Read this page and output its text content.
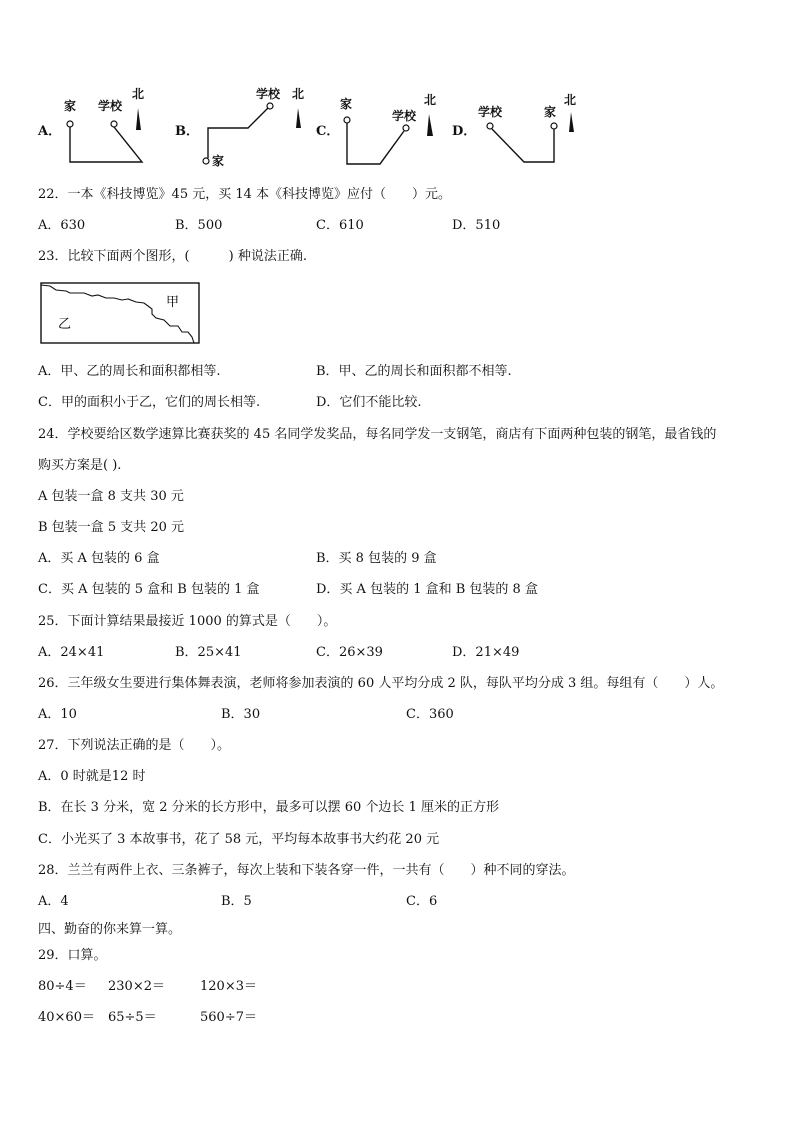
A．
家 学校
北
B．
学校 北
家
C．
家
学校
北
D．
学校	家
北
22．一本《科技博览》45 元，买 14 本《科技博览》应付（　　）元。
A．630	B．500	C．610	D．510
23．比较下面两个图形，(　　　) 种说法正确.
甲
乙
A．甲、乙的周长和面积都相等.	B．甲、乙的周长和面积都不相等.
C．甲的面积小于乙，它们的周长相等.	D．它们不能比较.
24．学校要给区数学速算比赛获奖的 45 名同学发奖品，每名同学发一支钢笔，商店有下面两种包装的钢笔，最省钱的
购买方案是( ).
A 包装一盒 8 支共 30 元
B 包装一盒 5 支共 20 元
A．买 A 包装的 6 盒	B．买 8 包装的 9 盒
C．买 A 包装的 5 盒和 B 包装的 1 盒	D．买 A 包装的 1 盒和 B 包装的 8 盒
25．下面计算结果最接近 1000 的算式是（　　）。
A．24×41	B．25×41	C．26×39	D．21×49
26．三年级女生要进行集体舞表演，老师将参加表演的 60 人平均分成 2 队，每队平均分成 3 组。每组有（　　）人。
A．10	B．30	C．360
27．下列说法正确的是（　　）。
A．0 时就是12 时
B．在长 3 分米，宽 2 分米的长方形中，最多可以摆 60 个边长 1 厘米的正方形
C．小光买了 3 本故事书，花了 58 元，平均每本故事书大约花 20 元
28．兰兰有两件上衣、三条裤子，每次上装和下装各穿一件，一共有（　　）种不同的穿法。
A．4	B．5	C．6
四、勤奋的你来算一算。
29．口算。
80÷4＝ 230×2＝	120×3＝
40×60＝ 65÷5＝	560÷7＝
